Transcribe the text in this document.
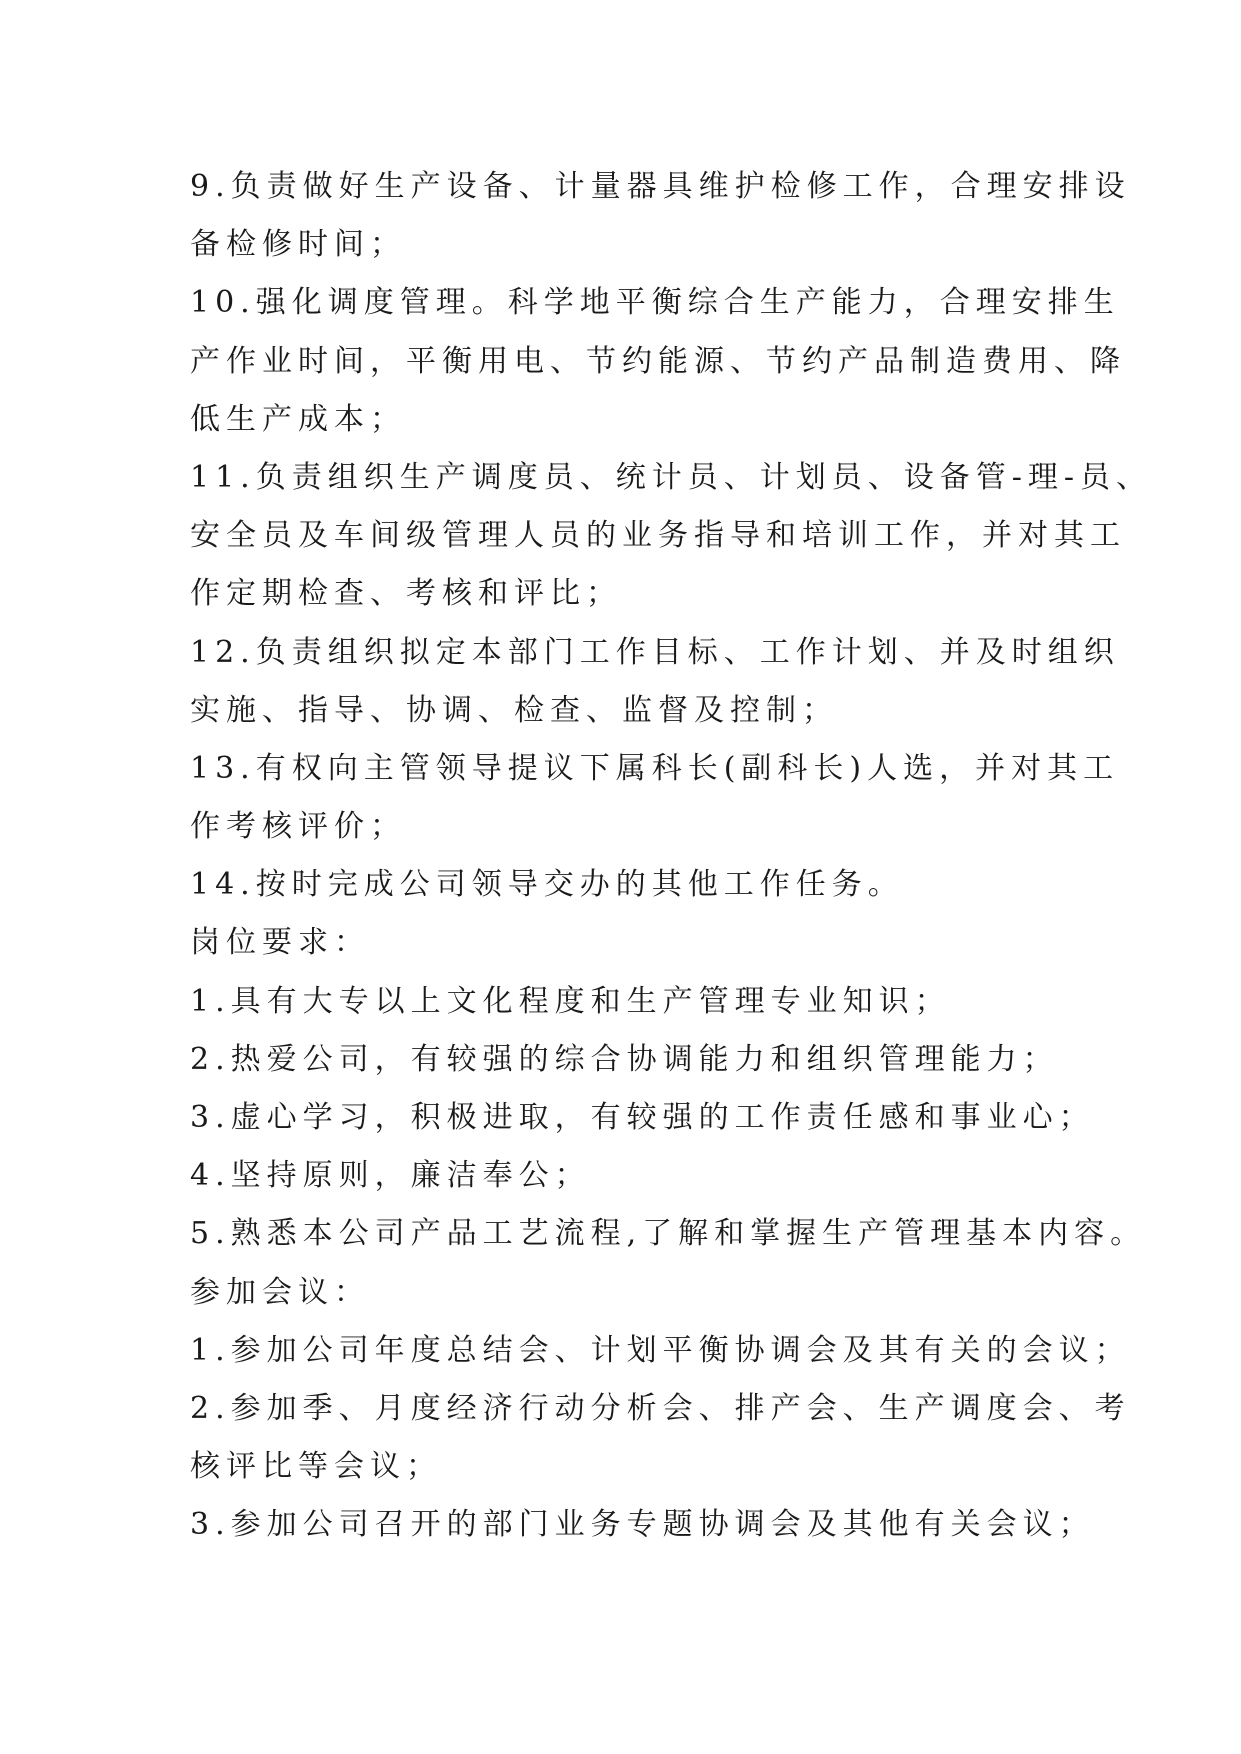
9.负责做好生产设备、计量器具维护检修工作，合理安排设
备检修时间；
10.强化调度管理。科学地平衡综合生产能力，合理安排生
产作业时间，平衡用电、节约能源、节约产品制造费用、降
低生产成本；
11.负责组织生产调度员、统计员、计划员、设备管-理-员、
安全员及车间级管理人员的业务指导和培训工作，并对其工
作定期检查、考核和评比；
12.负责组织拟定本部门工作目标、工作计划、并及时组织
实施、指导、协调、检查、监督及控制；
13.有权向主管领导提议下属科长(副科长)人选，并对其工
作考核评价；
14.按时完成公司领导交办的其他工作任务。
岗位要求：
1.具有大专以上文化程度和生产管理专业知识；
2.热爱公司，有较强的综合协调能力和组织管理能力；
3.虚心学习，积极进取，有较强的工作责任感和事业心；
4.坚持原则，廉洁奉公；
5.熟悉本公司产品工艺流程,了解和掌握生产管理基本内容。
参加会议：
1.参加公司年度总结会、计划平衡协调会及其有关的会议；
2.参加季、月度经济行动分析会、排产会、生产调度会、考
核评比等会议；
3.参加公司召开的部门业务专题协调会及其他有关会议；
